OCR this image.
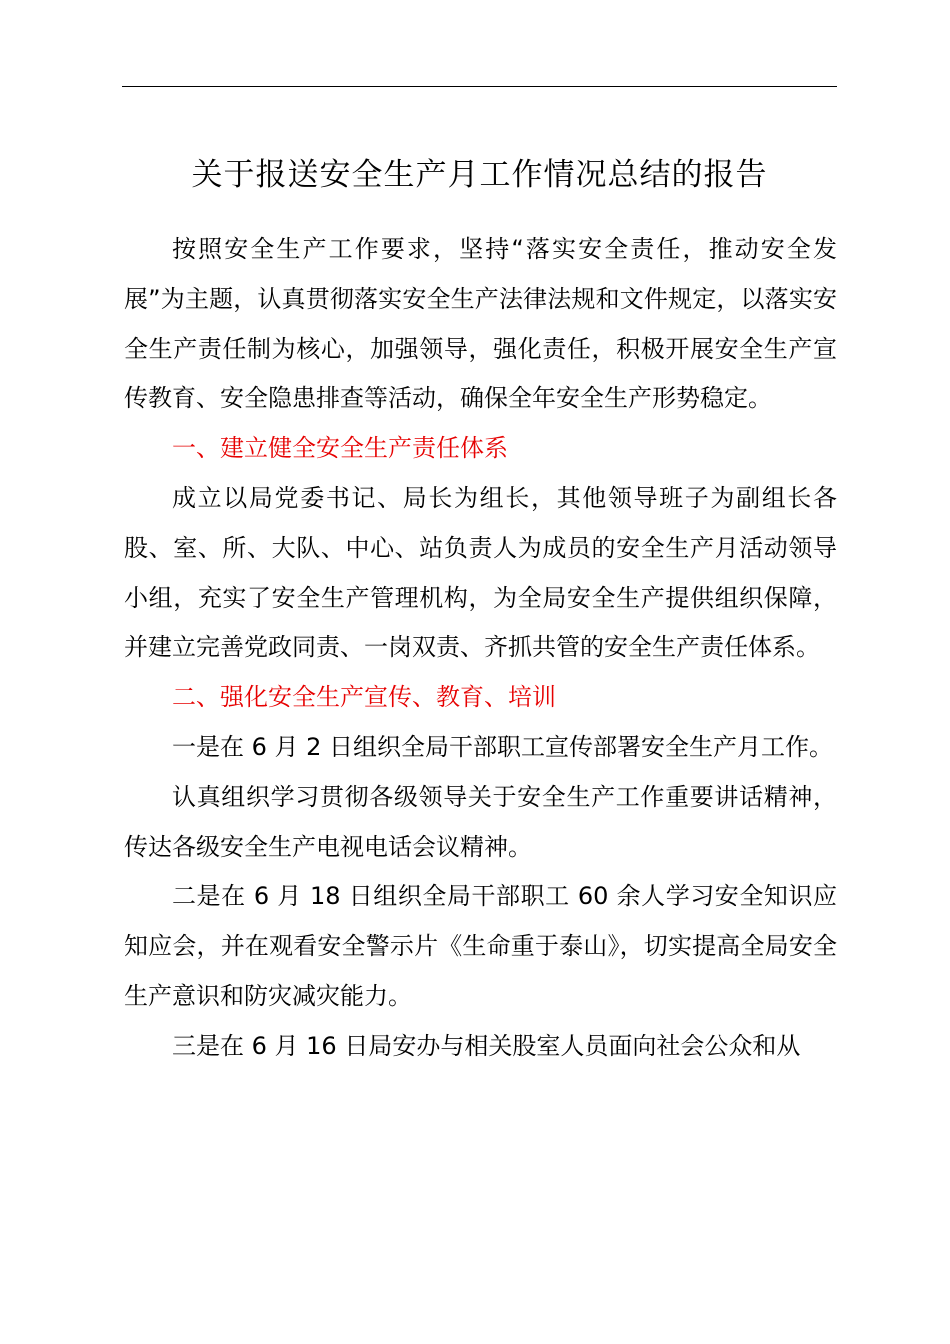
关于报送安全生产月工作情况总结的报告

按照安全生产工作要求，坚持“落实安全责任，推动安全发展”为主题，认真贯彻落实安全生产法律法规和文件规定，以落实安全生产责任制为核心，加强领导，强化责任，积极开展安全生产宣传教育、安全隐患排查等活动，确保全年安全生产形势稳定。

一、建立健全安全生产责任体系

成立以局党委书记、局长为组长，其他领导班子为副组长各股、室、所、大队、中心、站负责人为成员的安全生产月活动领导小组，充实了安全生产管理机构，为全局安全生产提供组织保障，并建立完善党政同责、一岗双责、齐抓共管的安全生产责任体系。

二、强化安全生产宣传、教育、培训

一是在 6 月 2 日组织全局干部职工宣传部署安全生产月工作。

认真组织学习贯彻各级领导关于安全生产工作重要讲话精神，传达各级安全生产电视电话会议精神。

二是在 6 月 18 日组织全局干部职工 60 余人学习安全知识应知应会，并在观看安全警示片《生命重于泰山》，切实提高全局安全生产意识和防灾减灾能力。

三是在 6 月 16 日局安办与相关股室人员面向社会公众和从
